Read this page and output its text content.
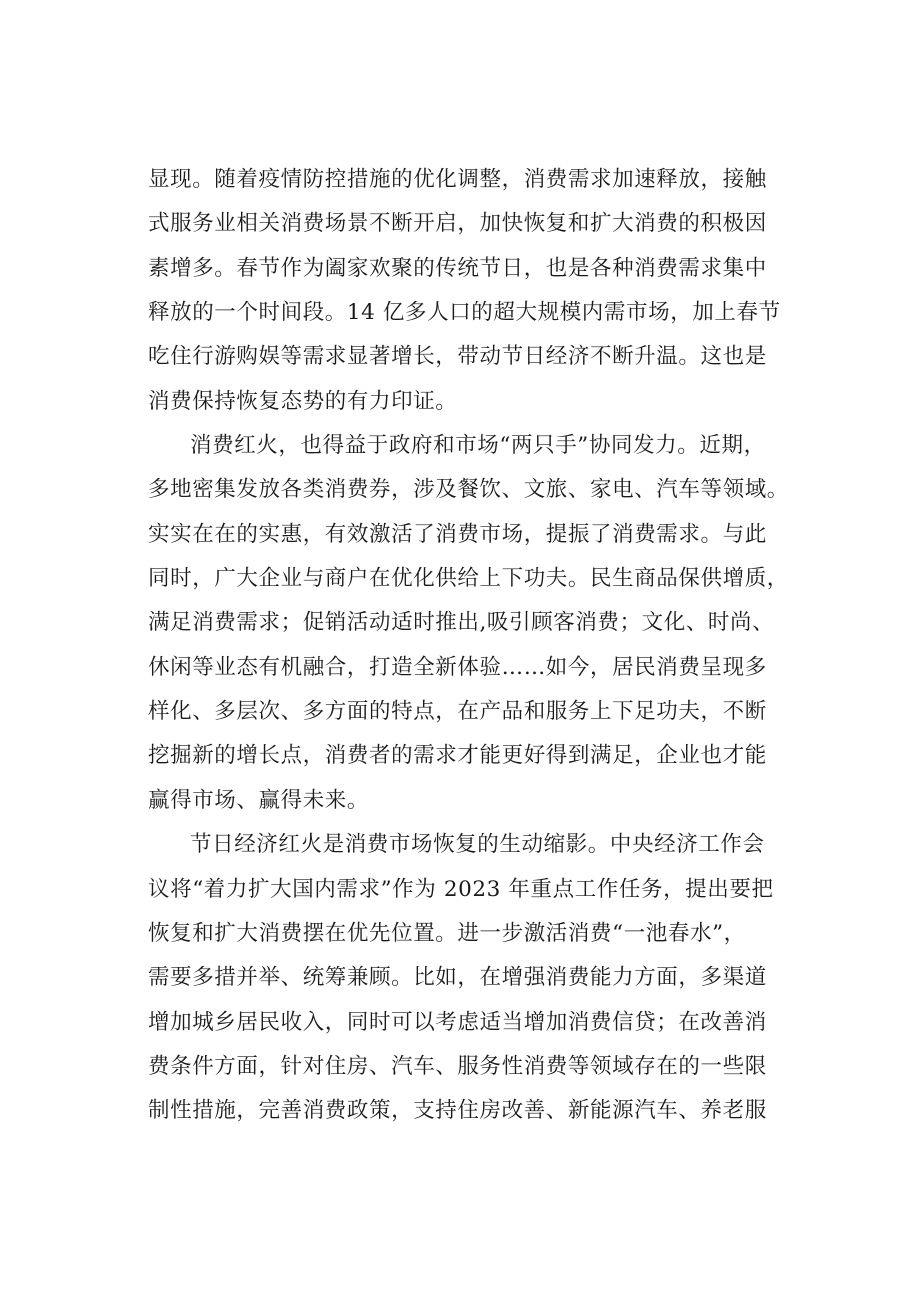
显现。随着疫情防控措施的优化调整，消费需求加速释放，接触
式服务业相关消费场景不断开启，加快恢复和扩大消费的积极因
素增多。春节作为阖家欢聚的传统节日，也是各种消费需求集中
释放的一个时间段。14 亿多人口的超大规模内需市场，加上春节
吃住行游购娱等需求显著增长，带动节日经济不断升温。这也是
消费保持恢复态势的有力印证。
消费红火，也得益于政府和市场“两只手”协同发力。近期，
多地密集发放各类消费券，涉及餐饮、文旅、家电、汽车等领域。
实实在在的实惠，有效激活了消费市场，提振了消费需求。与此
同时，广大企业与商户在优化供给上下功夫。民生商品保供增质，
满足消费需求；促销活动适时推出,吸引顾客消费；文化、时尚、
休闲等业态有机融合，打造全新体验……如今，居民消费呈现多
样化、多层次、多方面的特点，在产品和服务上下足功夫，不断
挖掘新的增长点，消费者的需求才能更好得到满足，企业也才能
赢得市场、赢得未来。
节日经济红火是消费市场恢复的生动缩影。中央经济工作会
议将“着力扩大国内需求”作为 2023 年重点工作任务，提出要把
恢复和扩大消费摆在优先位置。进一步激活消费“一池春水”，
需要多措并举、统筹兼顾。比如，在增强消费能力方面，多渠道
增加城乡居民收入，同时可以考虑适当增加消费信贷；在改善消
费条件方面，针对住房、汽车、服务性消费等领域存在的一些限
制性措施，完善消费政策，支持住房改善、新能源汽车、养老服
